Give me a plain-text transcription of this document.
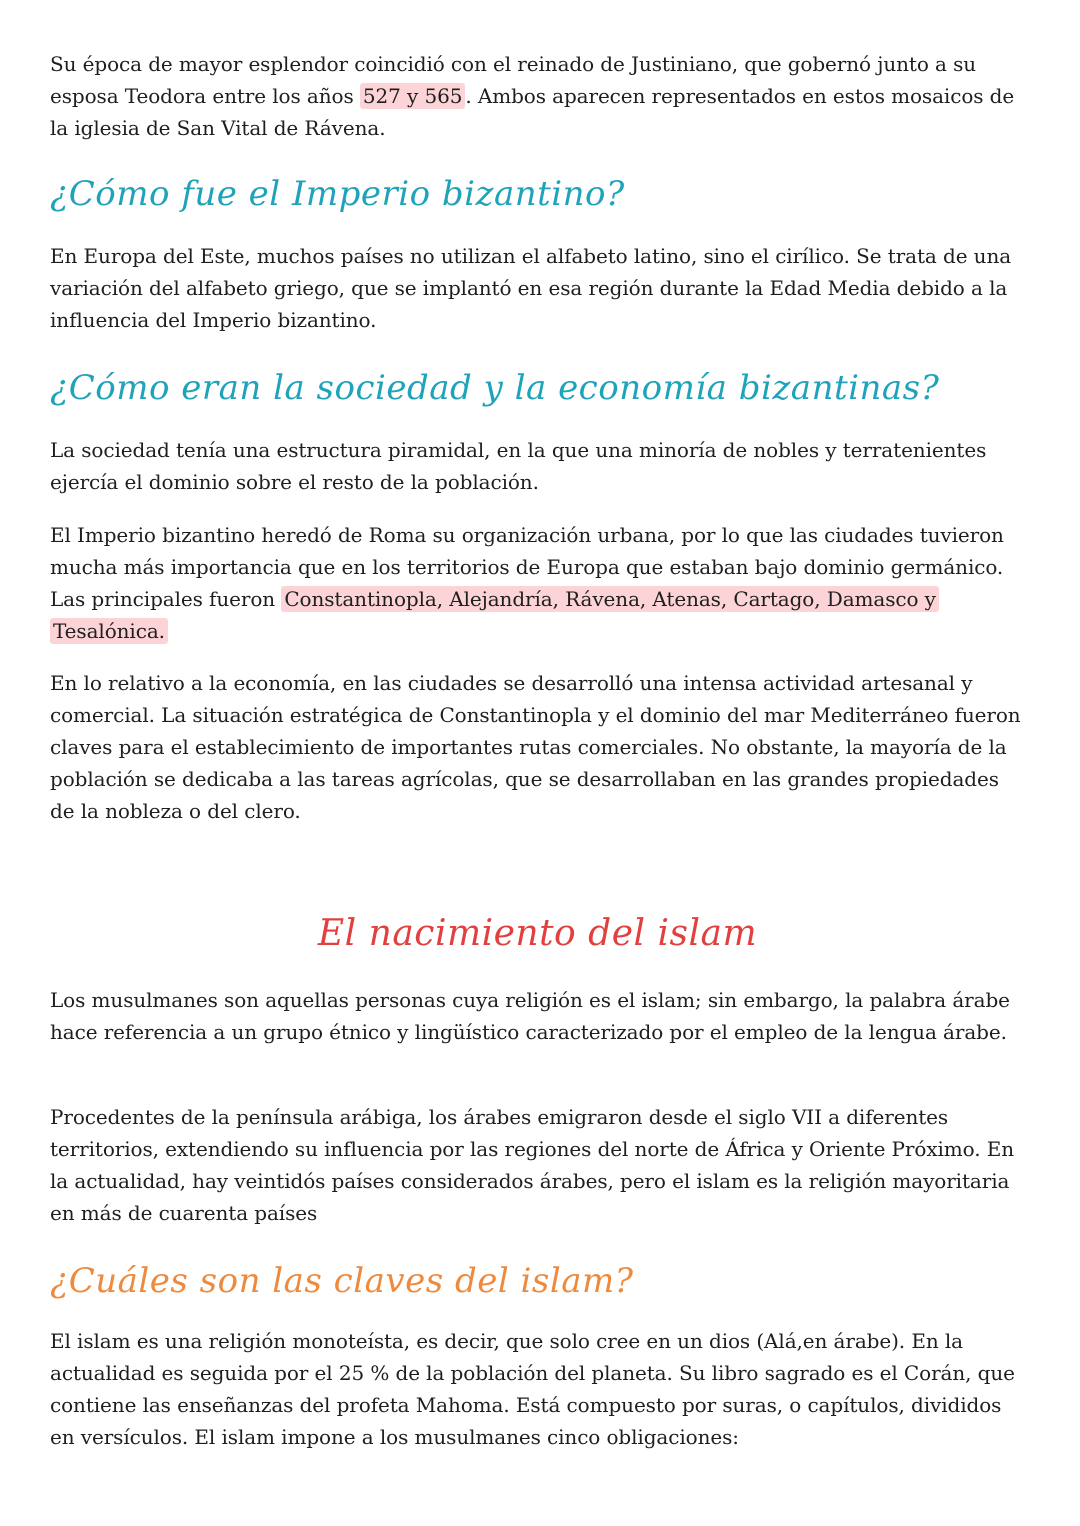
Su época de mayor esplendor coincidió con el reinado de Justiniano, que gobernó junto a su esposa Teodora entre los años 527 y 565 . Ambos aparecen representados en estos mosaicos de la iglesia de San Vital de Rávena.

¿Cómo fue el Imperio bizantino?

En Europa del Este, muchos países no utilizan el alfabeto latino, sino el cirílico. Se trata de una variación del alfabeto griego, que se implantó en esa región durante la Edad Media debido a la influencia del Imperio bizantino.

¿Cómo eran la sociedad y la economía bizantinas?

La sociedad tenía una estructura piramidal, en la que una minoría de nobles y terratenientes ejercía el dominio sobre el resto de la población.

El Imperio bizantino heredó de Roma su organización urbana, por lo que las ciudades tuvieron mucha más importancia que en los territorios de Europa que estaban bajo dominio germánico. Las principales fueron Constantinopla, Alejandría, Rávena, Atenas, Cartago, Damasco y Tesalónica.

En lo relativo a la economía, en las ciudades se desarrolló una intensa actividad artesanal y comercial. La situación estratégica de Constantinopla y el dominio del mar Mediterráneo fueron claves para el establecimiento de importantes rutas comerciales. No obstante, la mayoría de la población se dedicaba a las tareas agrícolas, que se desarrollaban en las grandes propiedades de la nobleza o del clero.

El nacimiento del islam

Los musulmanes son aquellas personas cuya religión es el islam; sin embargo, la palabra árabe hace referencia a un grupo étnico y lingüístico caracterizado por el empleo de la lengua árabe.

Procedentes de la península arábiga, los árabes emigraron desde el siglo VII a diferentes territorios, extendiendo su influencia por las regiones del norte de África y Oriente Próximo. En la actualidad, hay veintidós países considerados árabes, pero el islam es la religión mayoritaria en más de cuarenta países

¿Cuáles son las claves del islam?

El islam es una religión monoteísta, es decir, que solo cree en un dios (Alá,en árabe). En la actualidad es seguida por el 25 % de la población del planeta. Su libro sagrado es el Corán, que contiene las enseñanzas del profeta Mahoma. Está compuesto por suras, o capítulos, divididos en versículos. El islam impone a los musulmanes cinco obligaciones:
